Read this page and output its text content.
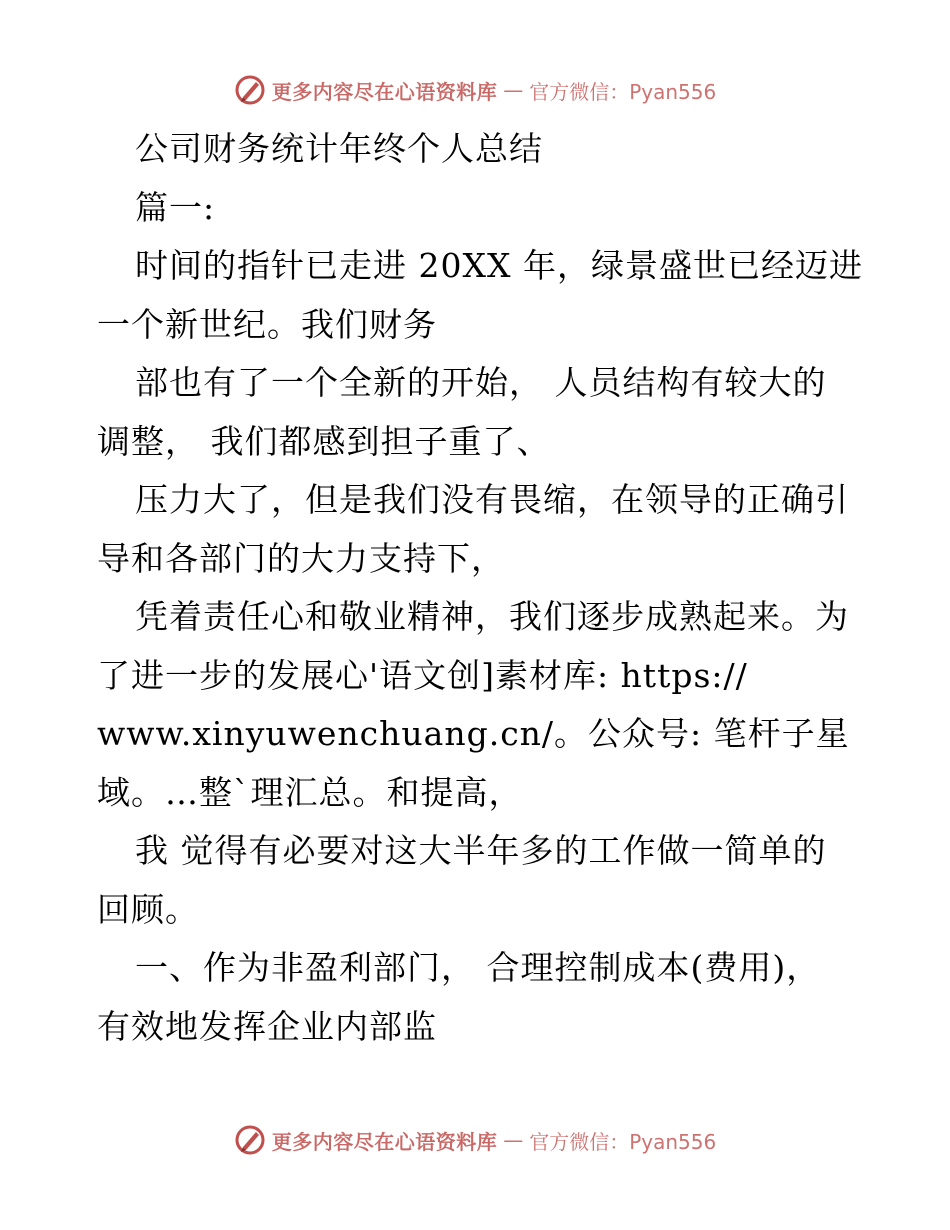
更多内容尽在心语资料库 — 官方微信：Pyan556
公司财务统计年终个人总结
篇一:
时间的指针已走进 20XX 年，绿景盛世已经迈进
一个新世纪。我们财务
部也有了一个全新的开始， 人员结构有较大的
调整， 我们都感到担子重了、
压力大了，但是我们没有畏缩，在领导的正确引
导和各部门的大力支持下，
凭着责任心和敬业精神，我们逐步成熟起来。为
了进一步的发展心'语文创]素材库: https://
www.xinyuwenchuang.cn/。公众号: 笔杆子星
域。…整`理汇总。和提高，
我 觉得有必要对这大半年多的工作做一简单的
回顾。
一、作为非盈利部门， 合理控制成本(费用)，
有效地发挥企业内部监
更多内容尽在心语资料库 — 官方微信：Pyan556
